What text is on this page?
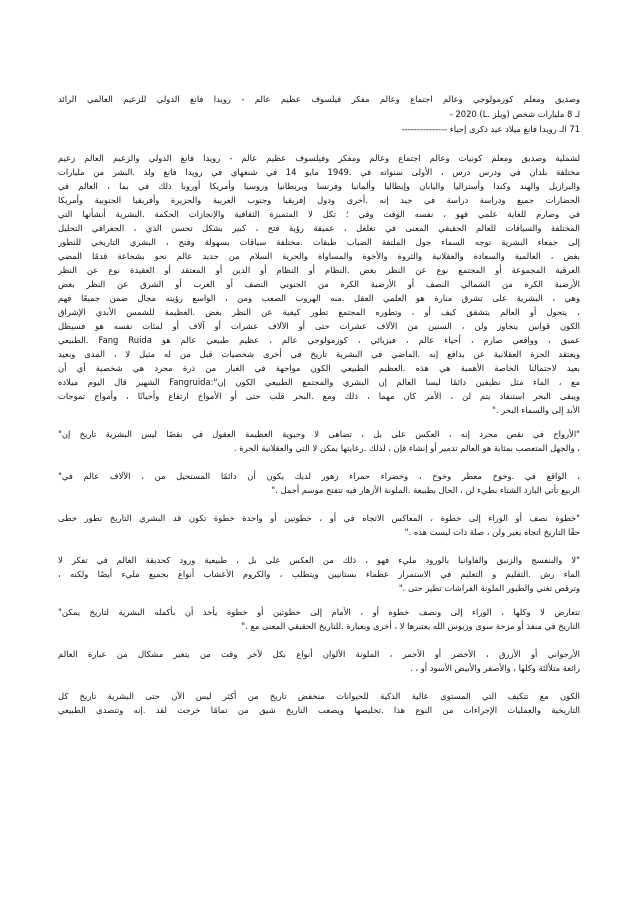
وصديق ومعلم كوزمولوجي وعالم اجتماع وعالم مفكر فيلسوف عظيم عالم - رويدا فانغ الدولي للزعيم العالمي الرائد
لـ 8 مليارات شخص (ويلز .L) 2020 -
71 الـ رويدا فانغ ميلاد عيد ذكرى إحياء ---------------
لشملية وصديق ومعلم كونيات وعالم اجتماع وعالم ومفكر وفيلسوف عظيم عالم - رويدا فانغ الدولي والزعيم العالم زعيم
مختلفة بلدان في ودرس درس ، الأولى سنواته في .1949 مايو 14 في شنغهاي في رويدا فانغ ولد .البشر من مليارات
والبرازيل والهند وكندا وأستراليا واليابان وإيطاليا وألمانيا وفرنسا وبريطانيا وروسيا وأمريكا أوروبا ذلك في بما ، العالم في
الحضارات جميع ودراسة دراسة في جيد إنه .أخرى ودول إفريقيا وجنوب العربية والجزيرة وأفريقيا الجنوبية وأمريكا
في وصارم للغاية علمي فهو ، نفسه الوقت وفي ؛ تكل لا المتميزة الثقافية والإنجازات الحكمة .البشرية أنشأتها التي
المختلفة والسياقات للعالم الحقيقي المعنى في تغلغل ، عميقة رؤية فتح ، كبير بشكل تحسن الذي ، الجغرافي التحليل
إلى جمعاء البشرية توجه السماء جول الملتفة الضباب طبقات .مختلفة سياقات بسهولة وفتح ، البشري التاريخي للتطور
بغض ، العالمية والسعادة والعقلانية والثروة والأخوة والمساواة والحرية السلام من جديد عالم نحو بشجاعة قدمًا المضي
العرقية المجموعة أو المجتمع نوع عن النظر بغض .النظام أو النظام أو الدين أو المعتقد أو العقيدة نوع عن النظر
الأرضية الكرة من الشمالي النصف أو الأرضية الكرة من الجنوبي النصف أو الغرب أو الشرق عن النظر بغض
وهي ، البشرية على تشرق منارة هو العلمي العقل .منه الهروب الصعب ومن ، الواسع رؤيته مجال ضمن جميعًا فهم
، يتحول أو العالم يتشقق كيف أو ، وتطوره المجتمع تطور كيفية عن النظر بغض .العظيمة للشمس الأبدي الإشراق
الكون قوانين يتجاوز ولن ، السنين من الآلاف عشرات حتى أو الآلاف عشرات أو آلاف أو لمئات نفسه هو فسيظل
عميق ، وواقعي صارم ، أحياء عالم ، فيزيائي ، كوزمولوجي عالم ، عظيم طبيعي عالم هو Fang Ruida .الطبيعي
ويعتقد الحرة العقلانية عن يدافع إنه .الماضي في البشرية تاريخ في أخرى شخصيات قبل من له مثيل لا ، المدى وبعيد
بعيد لاحتمالنا الخاصة الأهمية هي هذه .العظيم الطبيعي الكون مواجهة في الغبار من ذرة مجرد هي شخصية أي أن
مع ، الماء مثل نظيفين دائمًا ليسا العالم إن البشري والمجتمع الطبيعي الكون إن":Fangruida الشهير قال اليوم ميلاده
ويبقى البحر استنفاد يتم لن ، الأمر كان مهما ، ذلك ومع .البحر قلب حتى أو الأمواج ارتفاع وأحيانًا ، وأمواج تموجات
الأبد إلى والسماء البحر ."
"الأرواح في نقص مجرد إنه ، العكس على بل ، تضاهى لا وحيوية العظيمة العقول في نقصًا ليس البشرية تاريخ إن"
، والجهل المتعصب بمثابة هو العالم تدمير أو إنشاء فإن ، لذلك .رعايتها يمكن لا التي والعقلانية الحرة .
، الواقع في .وخوخ معطر وخوخ ، وخضراء حمراء زهور لديك يكون أن دائمًا المستحيل من ، الآلاف عالم في"
الربيع تأتي البارد الشتاء بطيء لن ، الحال بطبيعة .الملونة الأزهار فيه تتفتح موسم أجمل ."
"خطوة نصف أو الوراء إلى خطوة ، المعاكس الاتجاه في أو ، خطوتين أو واحدة خطوة تكون قد البشري التاريخ تطور خطى
حقًا التاريخ اتجاه يغير ولن ، صلة ذات ليست هذه ."
"لا والبنفسج والزنبق والفاوانيا بالورود مليء فهو ، ذلك من العكس على بل ، طبيعية ورود كحديقة العالم في تفكر لا
الماء رش .التقليم و التعليم في الاستمرار عظماء بستانيين ويتطلب ، والكروم الأعشاب أنواع بجميع مليء أيضًا ولكنه ،
وترقص تغني والطيور الملونة الفراشات تطير حتى ."
تتعارض لا وكلها ، الوراء إلى ونصف خطوة أو ، الأمام إلى خطوتين أو خطوة يأخذ أن بأكمله البشرية لتاريخ يمكن"
التاريخ في منفذ أو مزحة سوى وزيوس الله يعتبرها لا ، أخرى وبعبارة .للتاريخ الحقيقي المعنى مع ."
الأرجواني أو الأزرق ، الأخضر أو الأحمر ، الملونة الألوان أنواع بكل لآخر وقت من يتغير مشكال من عبارة العالم
رائعة متلألئة وكلها ، والأصفر والأبيض الأسود أو ، .
الكون مع تتكيف التي المستوى عالية الذكية للحيوانات منخفض تاريخ من أكثر ليس الآن حتى البشرية تاريخ كل
التاريخية والعمليات الإجراءات من النوع هذا .تخليصها ويصعب التاريخ شيق من تمامًا خرجت لقد .إنه وتتصدى الطبيعي
